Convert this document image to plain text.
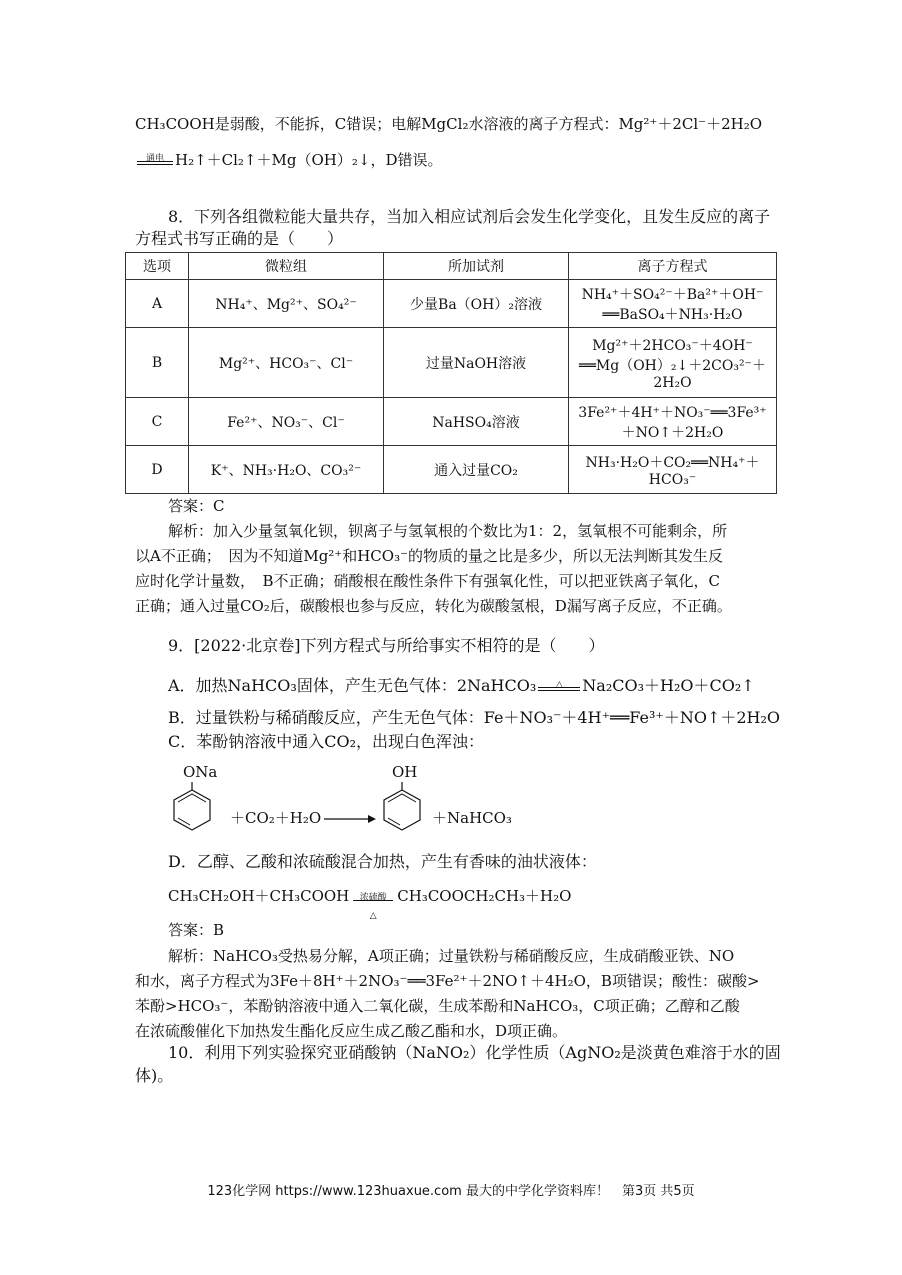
CH₃COOH是弱酸，不能拆，C错误；电解MgCl₂水溶液的离子方程式：Mg²⁺＋2Cl⁻＋2H₂O
通电 H₂↑＋Cl₂↑＋Mg（OH）₂↓，D错误。
8．下列各组微粒能大量共存，当加入相应试剂后会发生化学变化，且发生反应的离子
方程式书写正确的是（　　）
选项	微粒组	所加试剂	离子方程式
A	NH₄⁺、Mg²⁺、SO₄²⁻	少量Ba（OH）₂溶液	NH₄⁺＋SO₄²⁻＋Ba²⁺＋OH⁻
══BaSO₄＋NH₃·H₂O

B	Mg²⁺、HCO₃⁻、Cl⁻	过量NaOH溶液	Mg²⁺＋2HCO₃⁻＋4OH⁻
══Mg（OH）₂↓＋2CO₃²⁻＋
2H₂O

C	Fe²⁺、NO₃⁻、Cl⁻	NaHSO₄溶液	3Fe²⁺＋4H⁺＋NO₃⁻══3Fe³⁺
＋NO↑＋2H₂O

D	K⁺、NH₃·H₂O、CO₃²⁻	通入过量CO₂	NH₃·H₂O＋CO₂══NH₄⁺＋
HCO₃⁻
答案：C
解析：加入少量氢氧化钡，钡离子与氢氧根的个数比为1：2，氢氧根不可能剩余，所
以A不正确；　因为不知道Mg²⁺和HCO₃⁻的物质的量之比是多少，所以无法判断其发生反
应时化学计量数，　B不正确；硝酸根在酸性条件下有强氧化性，可以把亚铁离子氧化，C
正确；通入过量CO₂后，碳酸根也参与反应，转化为碳酸氢根，D漏写离子反应，不正确。
9．[2022·北京卷]下列方程式与所给事实不相符的是（　　）
A．加热NaHCO₃固体，产生无色气体：2NaHCO₃	△	Na₂CO₃＋H₂O＋CO₂↑
B．过量铁粉与稀硝酸反应，产生无色气体：Fe＋NO₃⁻＋4H⁺══Fe³⁺＋NO↑＋2H₂O
C．苯酚钠溶液中通入CO₂，出现白色浑浊：
ONa
＋CO₂＋H₂O →
OH
＋NaHCO₃
D．乙醇、乙酸和浓硫酸混合加热，产生有香味的油状液体：
CH₃CH₂OH＋CH₃COOH	浓硫酸
△
CH₃COOCH₂CH₃＋H₂O
答案：B
解析：NaHCO₃受热易分解，A项正确；过量铁粉与稀硝酸反应，生成硝酸亚铁、NO
和水，离子方程式为3Fe＋8H⁺＋2NO₃⁻══3Fe²⁺＋2NO↑＋4H₂O，B项错误；酸性：碳酸>
苯酚>HCO₃⁻，苯酚钠溶液中通入二氧化碳，生成苯酚和NaHCO₃，C项正确；乙醇和乙酸
在浓硫酸催化下加热发生酯化反应生成乙酸乙酯和水，D项正确。
10．利用下列实验探究亚硝酸钠（NaNO₂）化学性质（AgNO₂是淡黄色难溶于水的固
体)。
123化学网 https://www.123huaxue.com 最大的中学化学资料库！　第3页 共5页
